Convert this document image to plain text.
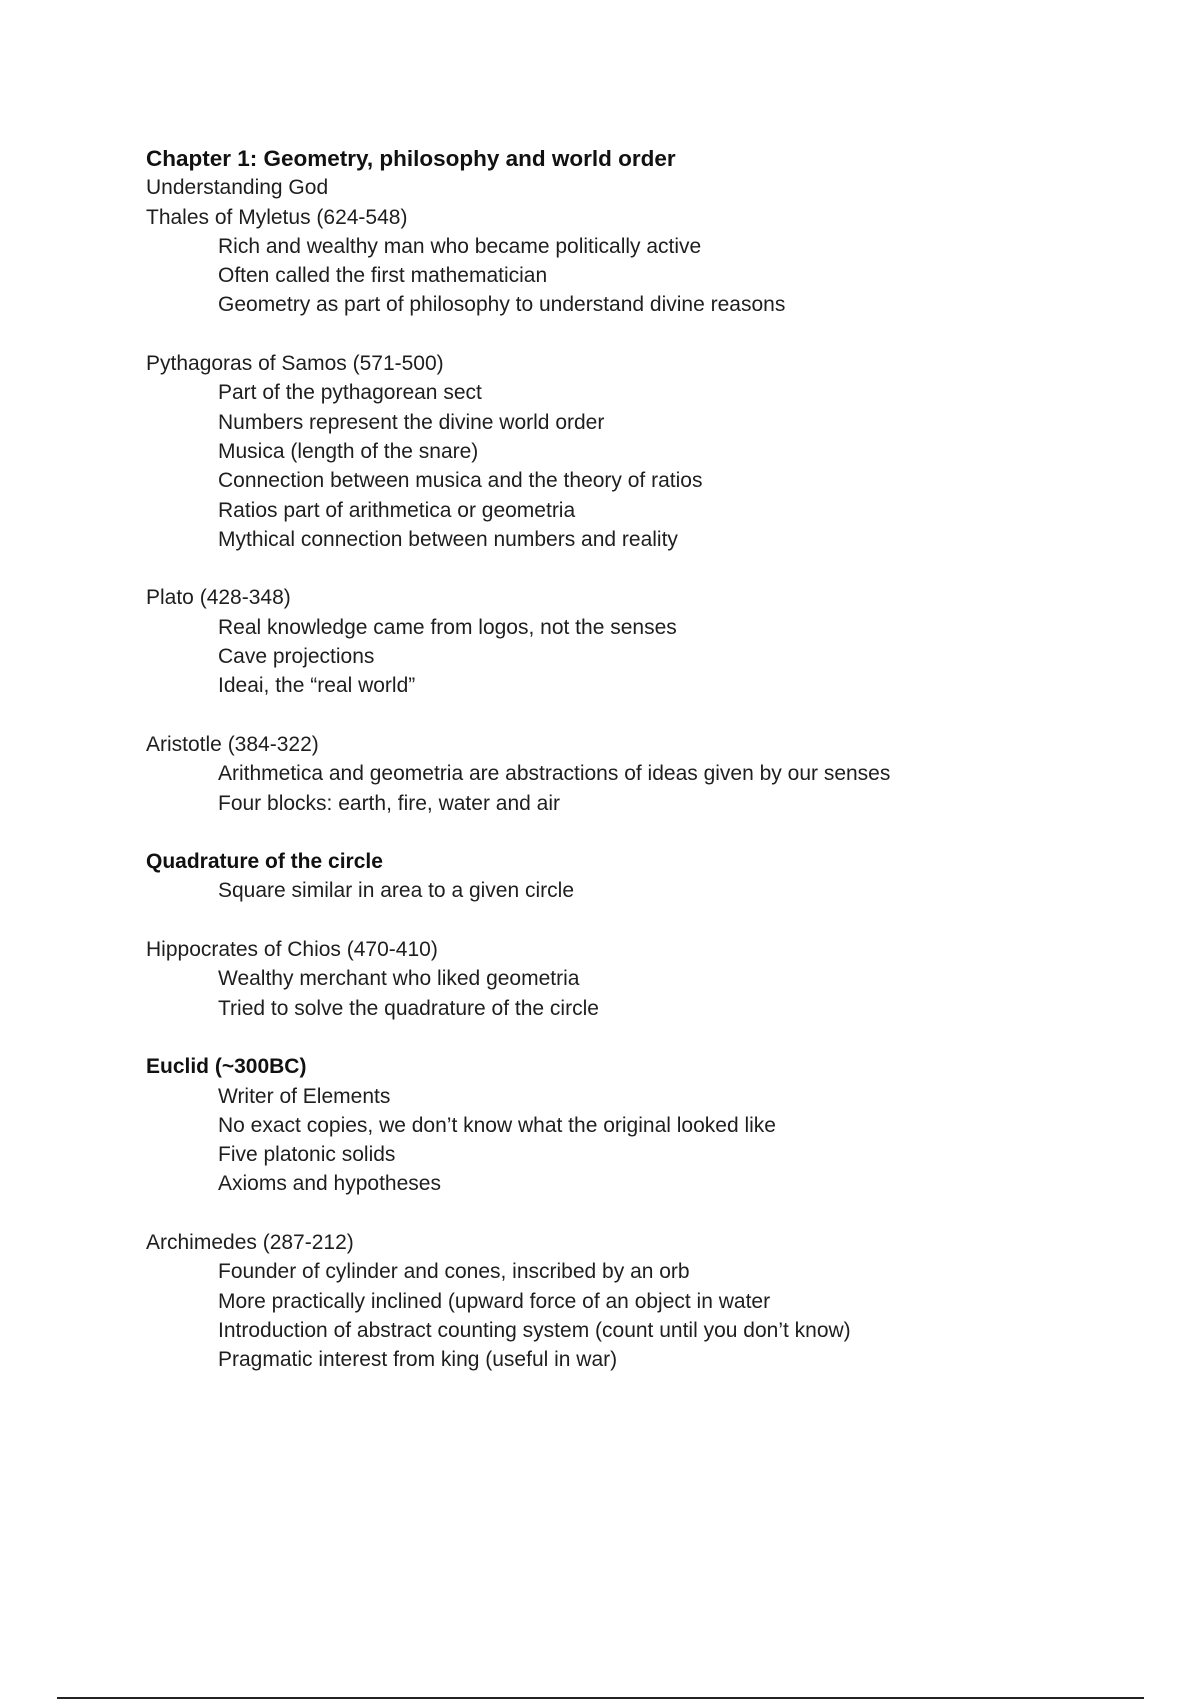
Chapter 1: Geometry, philosophy and world order
Understanding God
Thales of Myletus (624-548)
Rich and wealthy man who became politically active
Often called the first mathematician
Geometry as part of philosophy to understand divine reasons
Pythagoras of Samos (571-500)
Part of the pythagorean sect
Numbers represent the divine world order
Musica (length of the snare)
Connection between musica and the theory of ratios
Ratios part of arithmetica or geometria
Mythical connection between numbers and reality
Plato (428-348)
Real knowledge came from logos, not the senses
Cave projections
Ideai, the “real world”
Aristotle (384-322)
Arithmetica and geometria are abstractions of ideas given by our senses
Four blocks: earth, fire, water and air
Quadrature of the circle
Square similar in area to a given circle
Hippocrates of Chios (470-410)
Wealthy merchant who liked geometria
Tried to solve the quadrature of the circle
Euclid (~300BC)
Writer of Elements
No exact copies, we don’t know what the original looked like
Five platonic solids
Axioms and hypotheses
Archimedes (287-212)
Founder of cylinder and cones, inscribed by an orb
More practically inclined (upward force of an object in water
Introduction of abstract counting system (count until you don’t know)
Pragmatic interest from king (useful in war)
